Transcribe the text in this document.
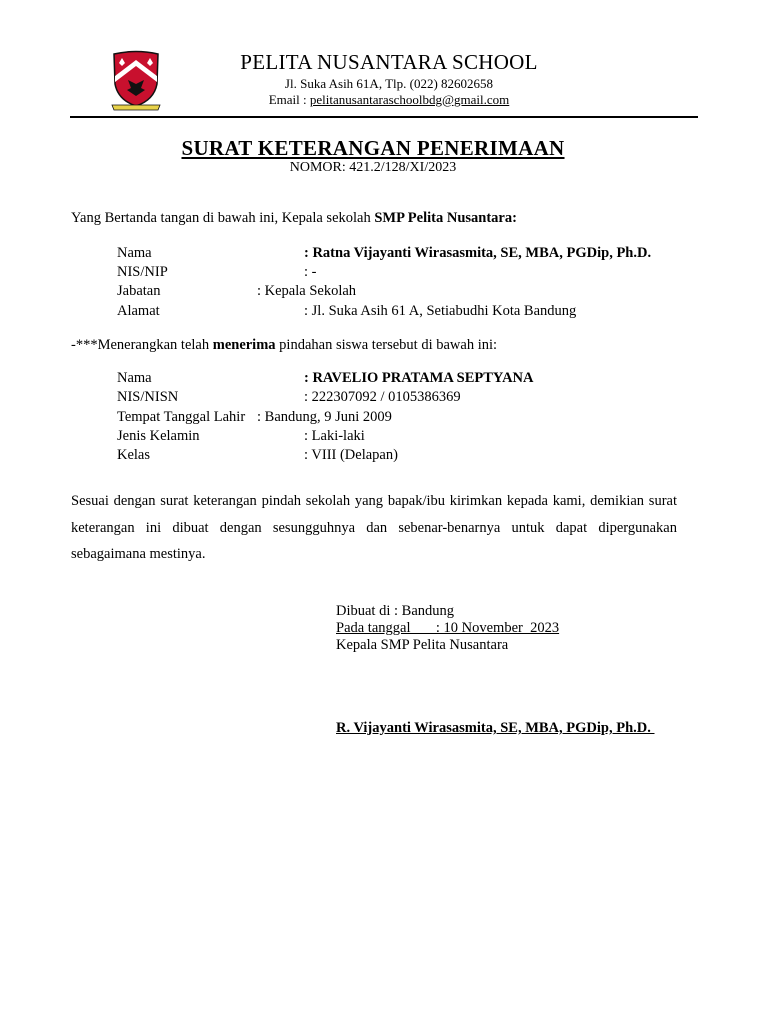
PELITA NUSANTARA SCHOOL
Jl. Suka Asih 61A, Tlp. (022) 82602658
Email : pelitanusantaraschoolbdg@gmail.com
SURAT KETERANGAN PENERIMAAN
NOMOR: 421.2/128/XI/2023
Yang Bertanda tangan di bawah ini, Kepala sekolah SMP Pelita Nusantara:
Nama	: Ratna Vijayanti Wirasasmita, SE, MBA, PGDip, Ph.D.
NIS/NIP	: -
Jabatan	: Kepala Sekolah
Alamat	: Jl. Suka Asih 61 A, Setiabudhi Kota Bandung
-***Menerangkan telah menerima pindahan siswa tersebut di bawah ini:
Nama	: RAVELIO PRATAMA SEPTYANA
NIS/NISN	: 222307092 / 0105386369
Tempat Tanggal Lahir : Bandung, 9 Juni 2009
Jenis Kelamin	: Laki-laki
Kelas	: VIII (Delapan)
Sesuai dengan surat keterangan pindah sekolah yang bapak/ibu kirimkan kepada kami, demikian surat keterangan ini dibuat dengan sesungguhnya dan sebenar-benarnya untuk dapat dipergunakan sebagaimana mestinya.
Dibuat di : Bandung
Pada tanggal       : 10 November  2023
Kepala SMP Pelita Nusantara
R. Vijayanti Wirasasmita, SE, MBA, PGDip, Ph.D.
